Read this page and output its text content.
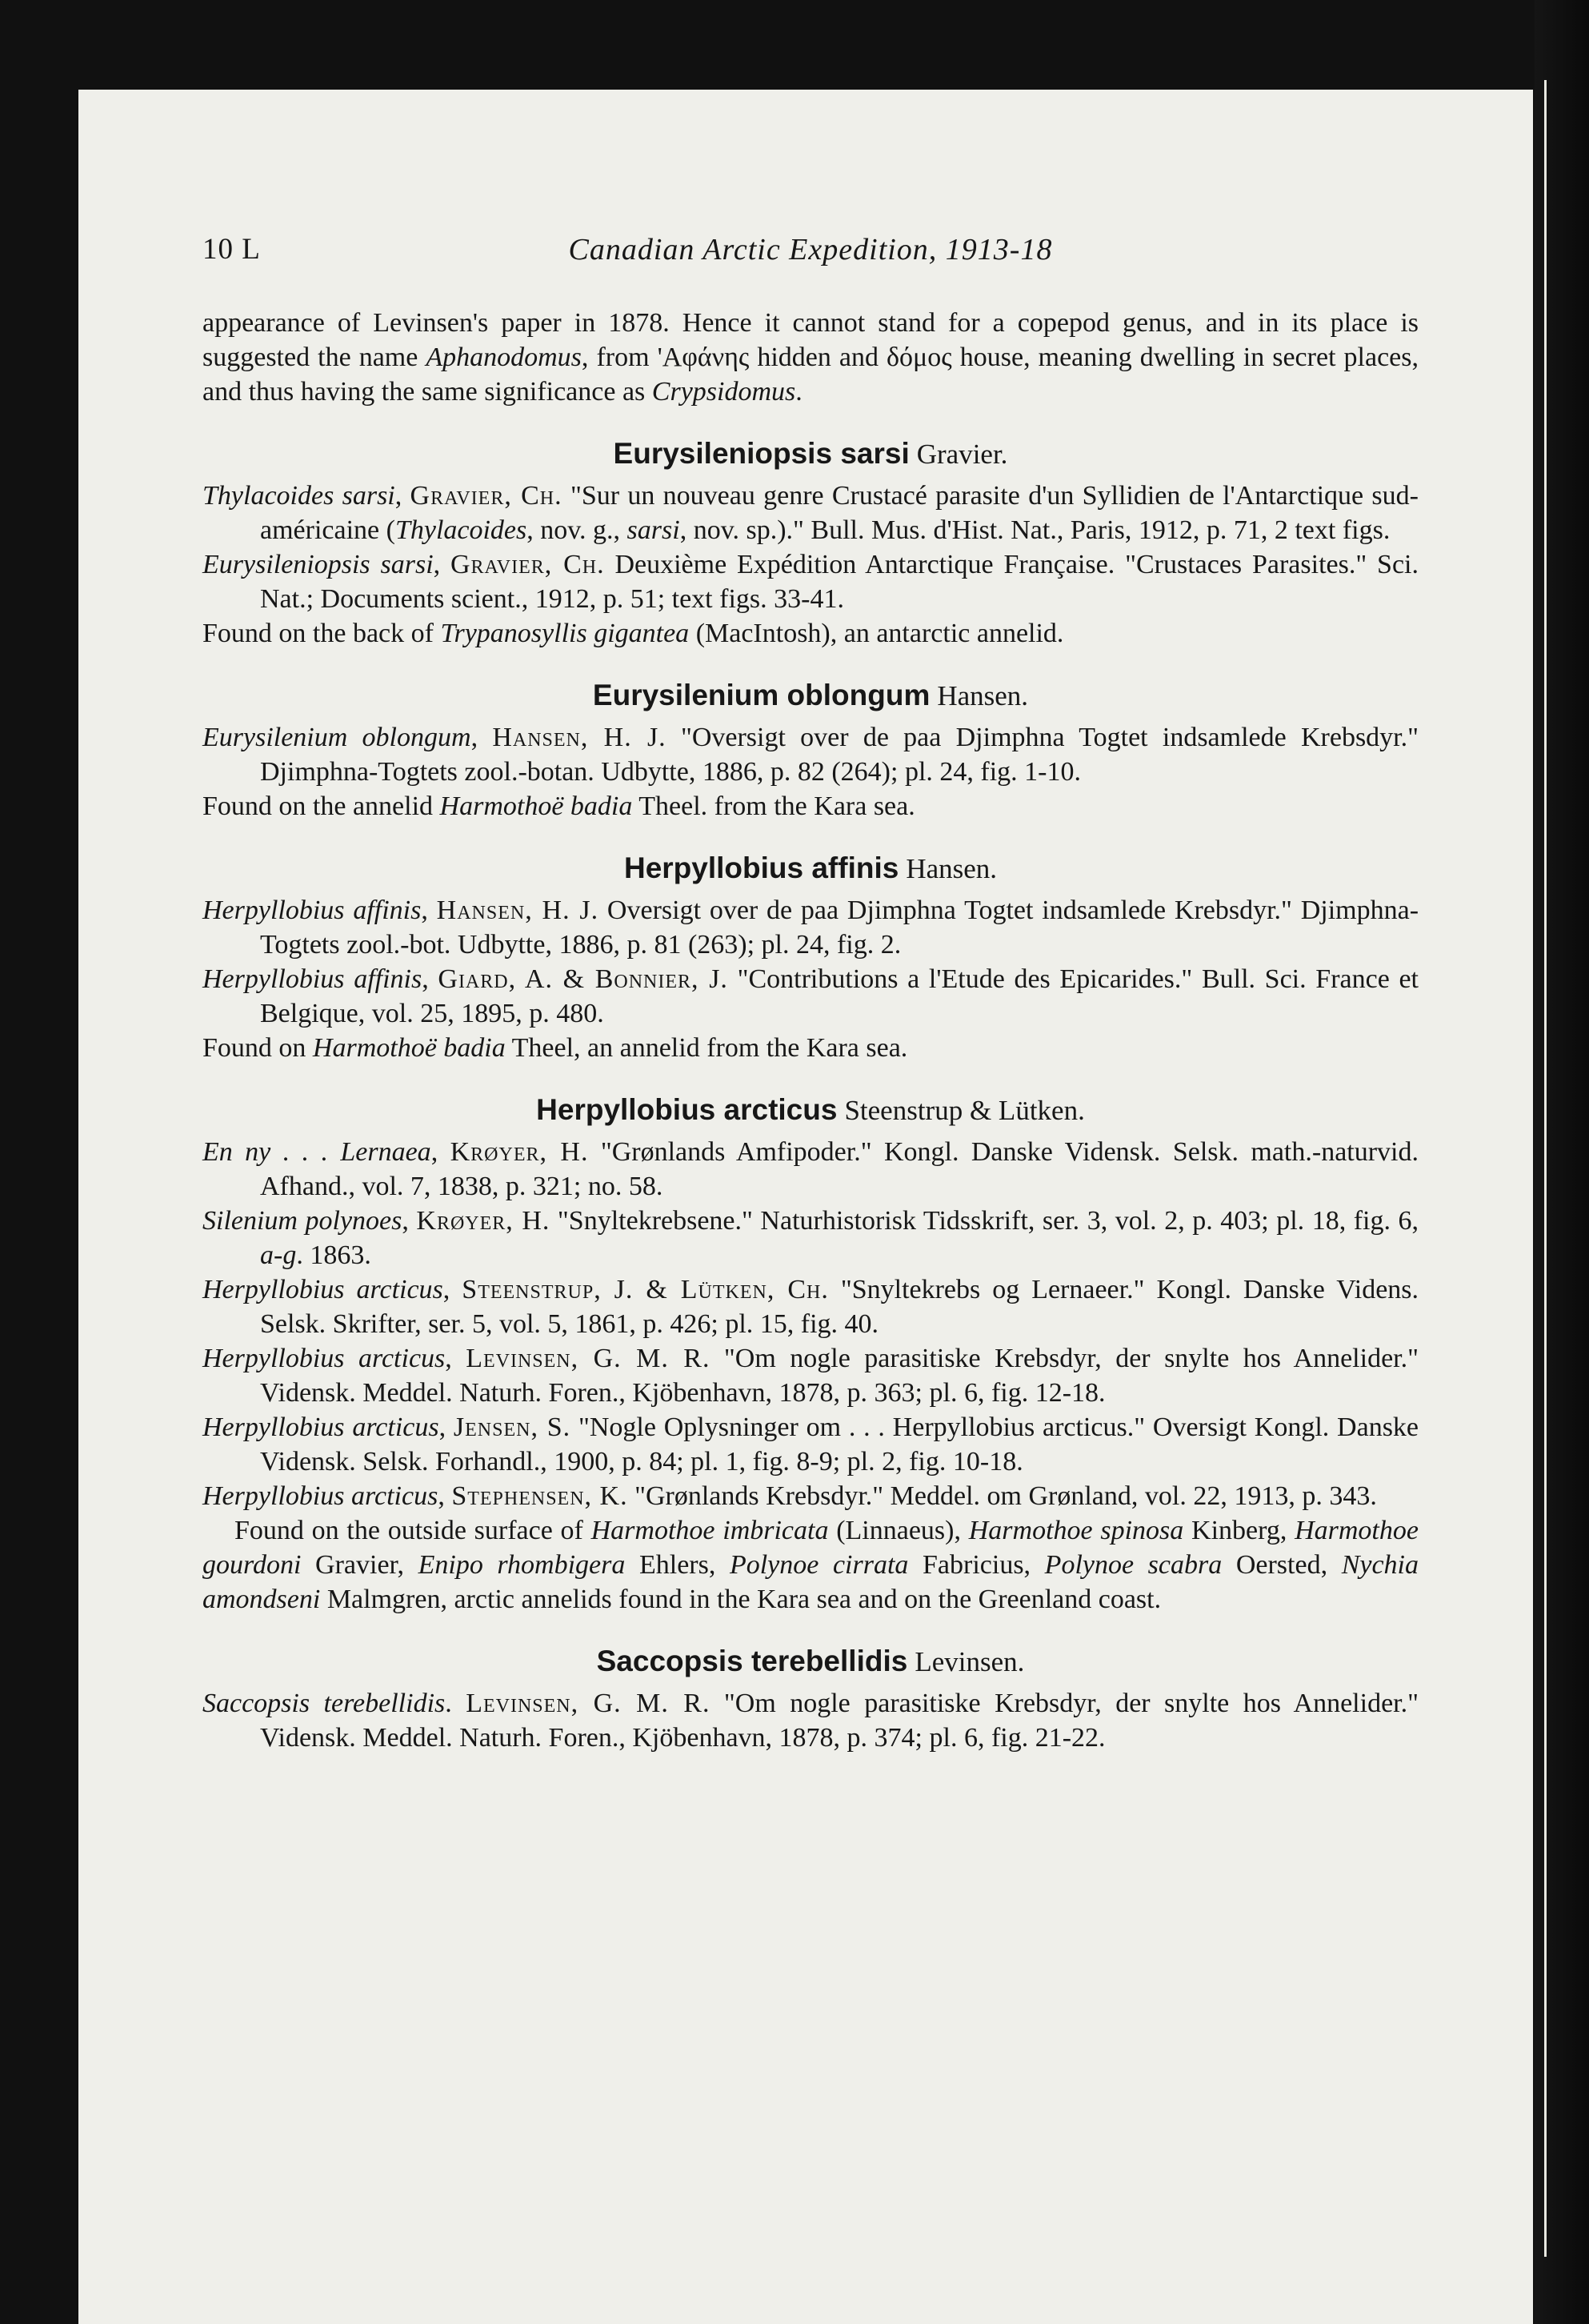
10 L	Canadian Arctic Expedition, 1913-18

appearance of Levinsen's paper in 1878. Hence it cannot stand for a copepod genus, and in its place is suggested the name Aphanodomus, from 'Αφάνης hidden and δόμος house, meaning dwelling in secret places, and thus having the same significance as Crypsidomus.

Eurysileniopsis sarsi Gravier.

Thylacoides sarsi, Gravier, Ch. "Sur un nouveau genre Crustacé parasite d'un Syllidien de l'Antarctique sud-américaine (Thylacoides, nov. g., sarsi, nov. sp.)." Bull. Mus. d'Hist. Nat., Paris, 1912, p. 71, 2 text figs.

Eurysileniopsis sarsi, Gravier, Ch. Deuxième Expédition Antarctique Française. "Crustaces Parasites." Sci. Nat.; Documents scient., 1912, p. 51; text figs. 33-41.

Found on the back of Trypanosyllis gigantea (MacIntosh), an antarctic annelid.

Eurysilenium oblongum Hansen.

Eurysilenium oblongum, Hansen, H. J. "Oversigt over de paa Djimphna Togtet indsamlede Krebsdyr." Djimphna-Togtets zool.-botan. Udbytte, 1886, p. 82 (264); pl. 24, fig. 1-10.

Found on the annelid Harmothoë badia Theel. from the Kara sea.

Herpyllobius affinis Hansen.

Herpyllobius affinis, Hansen, H. J. Oversigt over de paa Djimphna Togtet indsamlede Krebsdyr." Djimphna-Togtets zool.-bot. Udbytte, 1886, p. 81 (263); pl. 24, fig. 2.

Herpyllobius affinis, Giard, A. & Bonnier, J. "Contributions a l'Etude des Epicarides." Bull. Sci. France et Belgique, vol. 25, 1895, p. 480.

Found on Harmothoë badia Theel, an annelid from the Kara sea.

Herpyllobius arcticus Steenstrup & Lütken.

En ny . . . Lernaea, Krøyer, H. "Grønlands Amfipoder." Kongl. Danske Vidensk. Selsk. math.-naturvid. Afhand., vol. 7, 1838, p. 321; no. 58.

Silenium polynoes, Krøyer, H. "Snyltekrebsene." Naturhistorisk Tidsskrift, ser. 3, vol. 2, p. 403; pl. 18, fig. 6, a-g. 1863.

Herpyllobius arcticus, Steenstrup, J. & Lütken, Ch. "Snyltekrebs og Lernaeer." Kongl. Danske Videns. Selsk. Skrifter, ser. 5, vol. 5, 1861, p. 426; pl. 15, fig. 40.

Herpyllobius arcticus, Levinsen, G. M. R. "Om nogle parasitiske Krebsdyr, der snylte hos Annelider." Vidensk. Meddel. Naturh. Foren., Kjöbenhavn, 1878, p. 363; pl. 6, fig. 12-18.

Herpyllobius arcticus, Jensen, S. "Nogle Oplysninger om . . . Herpyllobius arcticus." Oversigt Kongl. Danske Vidensk. Selsk. Forhandl., 1900, p. 84; pl. 1, fig. 8-9; pl. 2, fig. 10-18.

Herpyllobius arcticus, Stephensen, K. "Grønlands Krebsdyr." Meddel. om Grønland, vol. 22, 1913, p. 343.

Found on the outside surface of Harmothoe imbricata (Linnaeus), Harmothoe spinosa Kinberg, Harmothoe gourdoni Gravier, Enipo rhombigera Ehlers, Polynoe cirrata Fabricius, Polynoe scabra Oersted, Nychia amondseni Malmgren, arctic annelids found in the Kara sea and on the Greenland coast.

Saccopsis terebellidis Levinsen.

Saccopsis terebellidis. Levinsen, G. M. R. "Om nogle parasitiske Krebsdyr, der snylte hos Annelider." Vidensk. Meddel. Naturh. Foren., Kjöbenhavn, 1878, p. 374; pl. 6, fig. 21-22.
